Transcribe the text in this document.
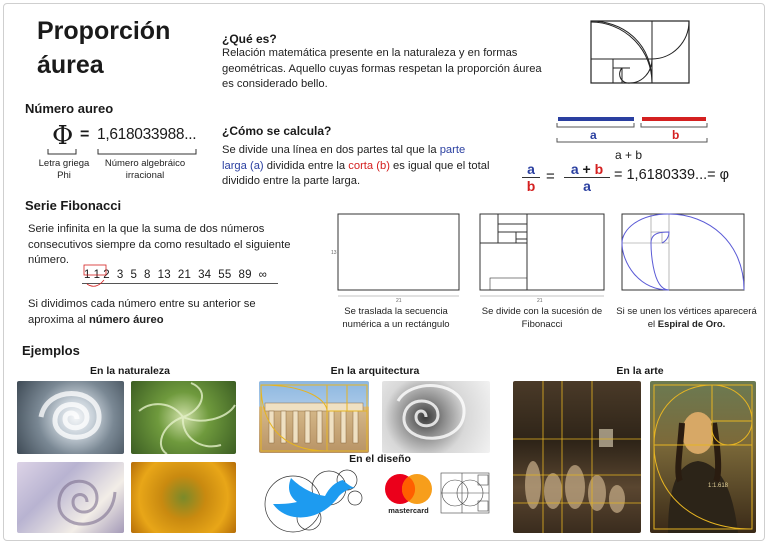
Proporción áurea
Número aureo
Φ = 1,618033988...
Letra griega Phi
Número algebráico irracional
¿Qué es?
Relación matemática presente en la naturaleza y en formas geométricas. Aquello cuyas formas respetan la proporción áurea es considerado bello.
¿Cómo se calcula?
Se divide una línea en dos partes tal que la parte larga (a) dividida entre la corta (b) es igual que el total dividido entre la parte larga.
a	b
a + b
$\frac{a}{b}$ =	a + b
a
= 1,6180339...= φ
Serie Fibonacci
Serie infinita en la que la suma de dos números consecutivos siempre da como resultado el siguiente número.
1 1 2 3 5 8 13 21 34 55 89 ∞
Si dividimos cada número entre su anterior se aproxima al número áureo
13
21	21
Se traslada la secuencia numérica a un rectángulo
Se divide con la sucesión de Fibonacci
Si se unen los vértices aparecerá el Espiral de Oro.
Ejemplos
En la naturaleza	En la arquitectura
En el diseño
En la arte
mastercard
1:1.618
